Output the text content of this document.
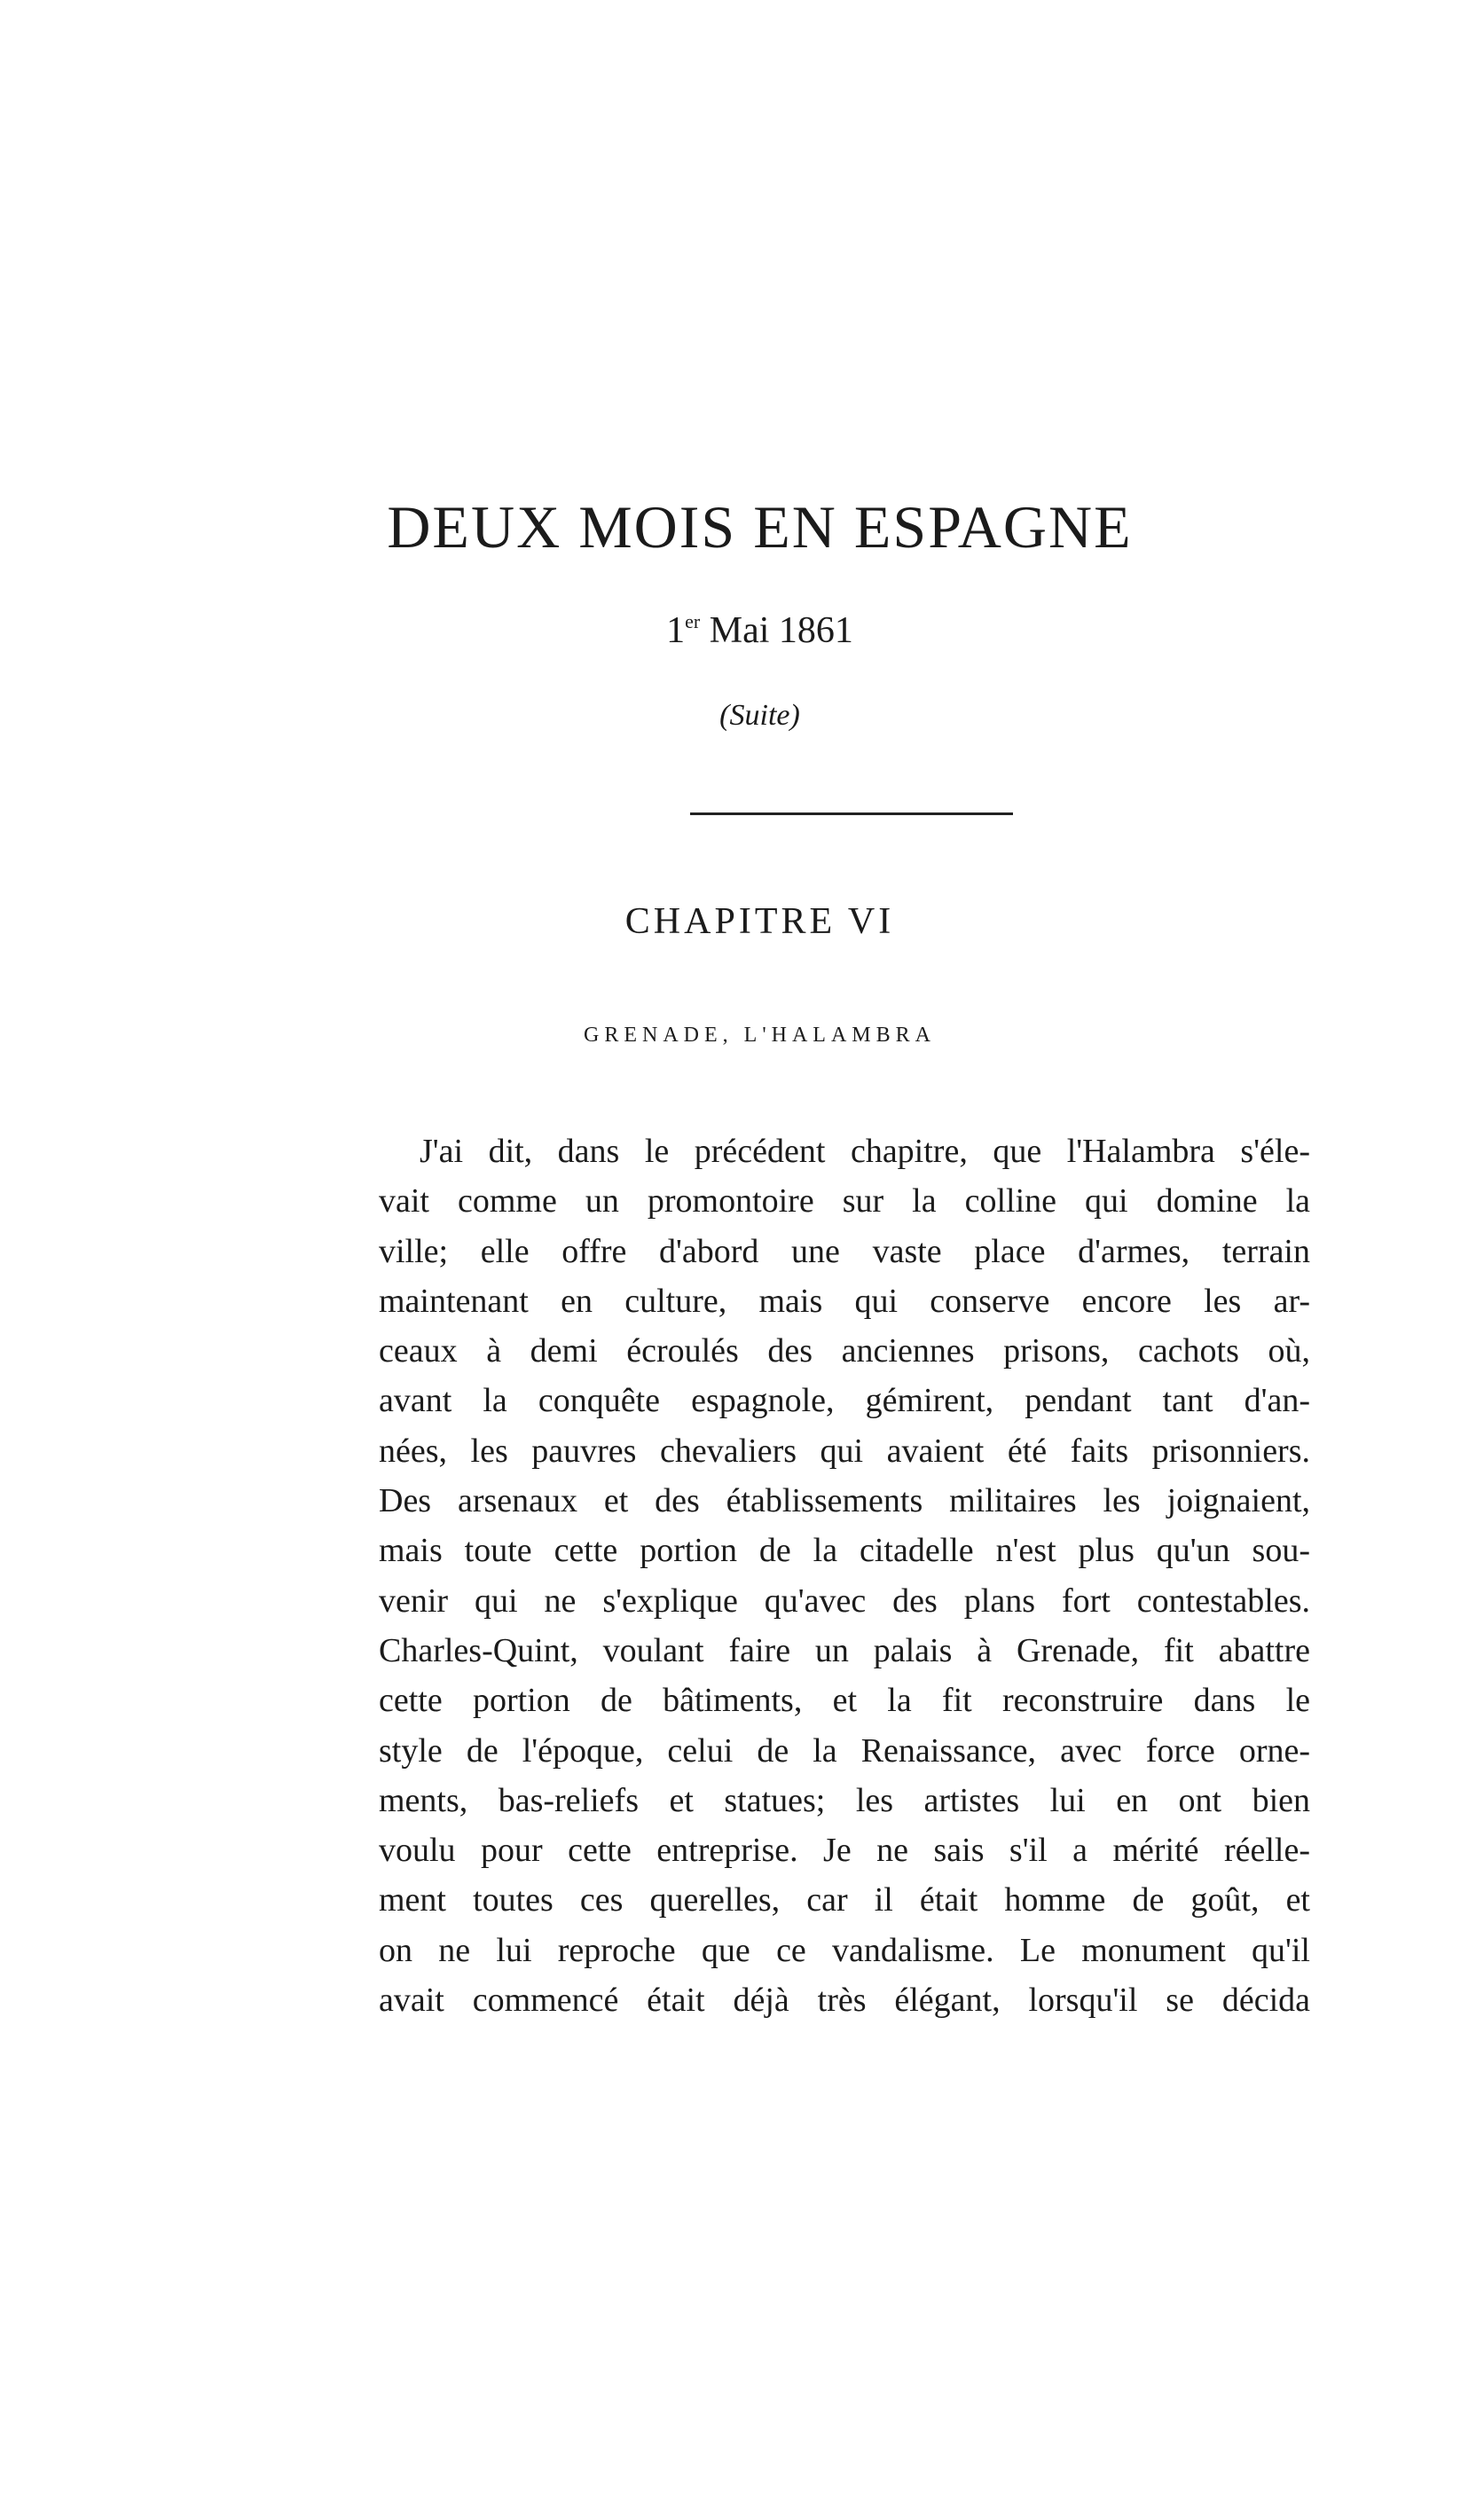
DEUX MOIS EN ESPAGNE
1er Mai 1861
(Suite)
CHAPITRE VI
GRENADE, L'HALAMBRA
J'ai dit, dans le précédent chapitre, que l'Halambra s'éle-
vait comme un promontoire sur la colline qui domine la
ville; elle offre d'abord une vaste place d'armes, terrain
maintenant en culture, mais qui conserve encore les ar-
ceaux à demi écroulés des anciennes prisons, cachots où,
avant la conquête espagnole, gémirent, pendant tant d'an-
nées, les pauvres chevaliers qui avaient été faits prisonniers.
Des arsenaux et des établissements militaires les joignaient,
mais toute cette portion de la citadelle n'est plus qu'un sou-
venir qui ne s'explique qu'avec des plans fort contestables.
Charles-Quint, voulant faire un palais à Grenade, fit abattre
cette portion de bâtiments, et la fit reconstruire dans le
style de l'époque, celui de la Renaissance, avec force orne-
ments, bas-reliefs et statues; les artistes lui en ont bien
voulu pour cette entreprise. Je ne sais s'il a mérité réelle-
ment toutes ces querelles, car il était homme de goût, et
on ne lui reproche que ce vandalisme. Le monument qu'il
avait commencé était déjà très élégant, lorsqu'il se décida
